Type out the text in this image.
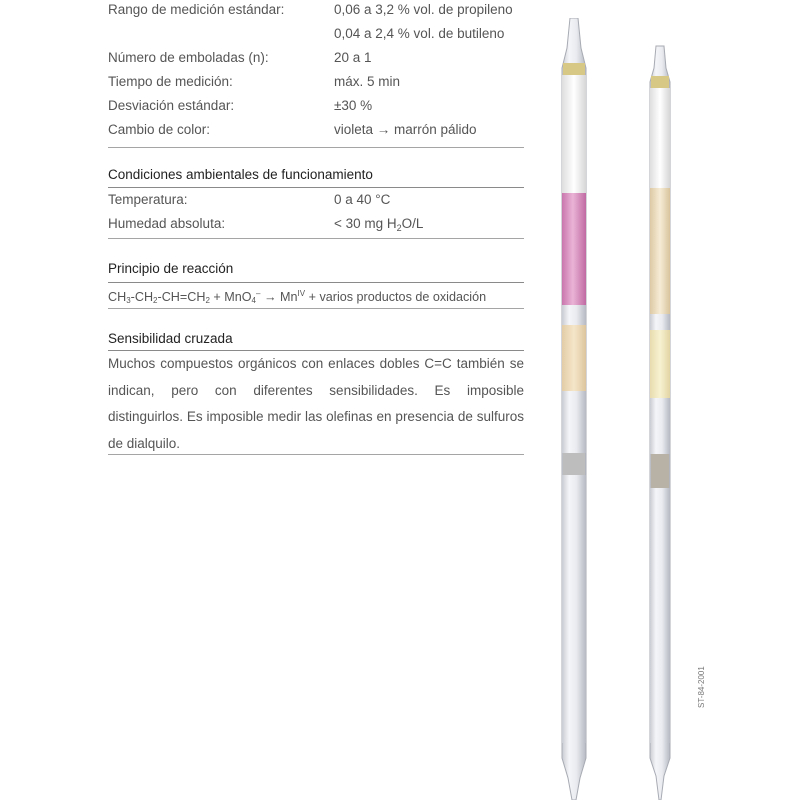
Rango de medición estándar:	0,06 a 3,2 % vol. de propileno
0,04 a 2,4 % vol. de butileno
Número de emboladas (n):	20 a 1
Tiempo de medición:	máx. 5 min
Desviación estándar:	±30 %
Cambio de color:	violeta → marrón pálido
Condiciones ambientales de funcionamiento
Temperatura:	0 a 40 °C
Humedad absoluta:	< 30 mg $H_2O/L$
Principio de reacción
$CH_3-CH_2-CH=CH_2 + MnO_4^- \to Mn^{IV}$ + varios productos de oxidación
Sensibilidad cruzada
Muchos compuestos orgánicos con enlaces dobles C=C también se indican, pero con diferentes sensibilidades. Es imposible distinguirlos. Es imposible medir las olefinas en presencia de sulfuros de dialquilo.
ST-84-2001
